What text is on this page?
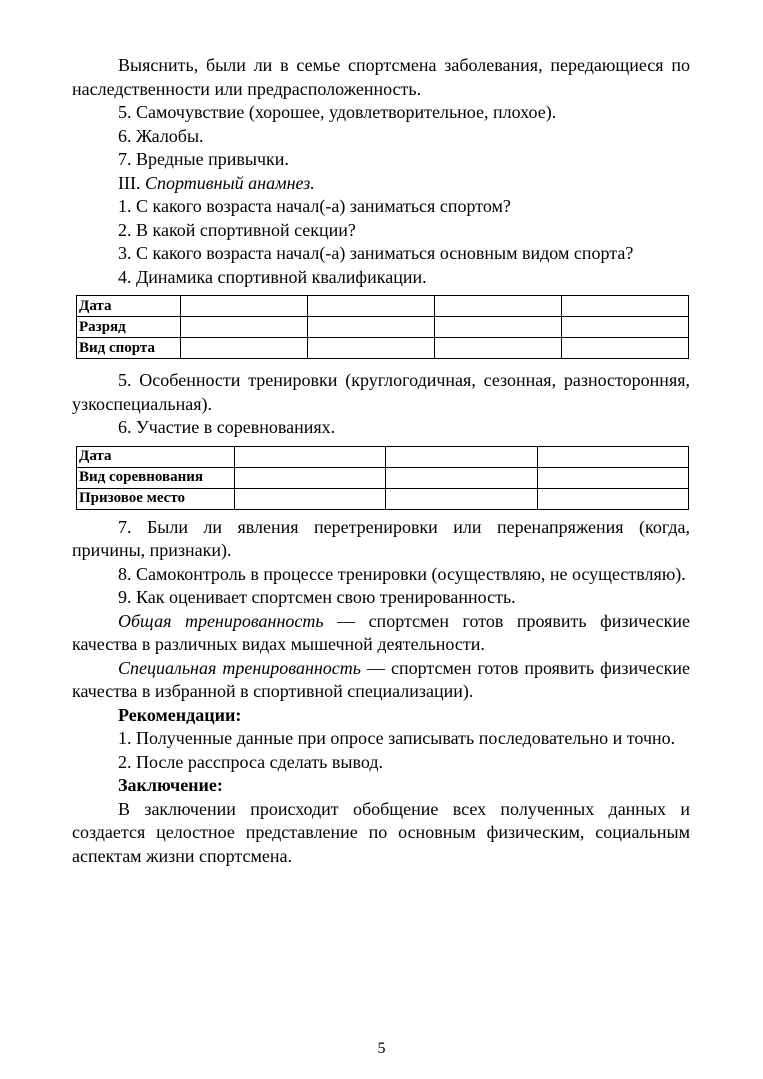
Выяснить, были ли в семье спортсмена заболевания, передающиеся по наследственности или предрасположенность.

5. Самочувствие (хорошее, удовлетворительное, плохое).

6. Жалобы.

7. Вредные привычки.

III. Спортивный анамнез.

1. С какого возраста начал(-а) заниматься спортом?

2. В какой спортивной секции?

3. С какого возраста начал(-а) заниматься основным видом спорта?

4. Динамика спортивной квалификации.

Дата				
Разряд				
Вид спорта				

5. Особенности тренировки (круглогодичная, сезонная, разносторонняя, узкоспециальная).

6. Участие в соревнованиях.

Дата			
Вид соревнования			
Призовое место			

7. Были ли явления перетренировки или перенапряжения (когда, причины, признаки).

8. Самоконтроль в процессе тренировки (осуществляю, не осуществляю).

9. Как оценивает спортсмен свою тренированность.

Общая тренированность — спортсмен готов проявить физические качества в различных видах мышечной деятельности.

Специальная тренированность — спортсмен готов проявить физические качества в избранной в спортивной специализации).

Рекомендации:

1. Полученные данные при опросе записывать последовательно и точно.

2. После расспроса сделать вывод.

Заключение:

В заключении происходит обобщение всех полученных данных и создается целостное представление по основным физическим, социальным аспектам жизни спортсмена.

5
